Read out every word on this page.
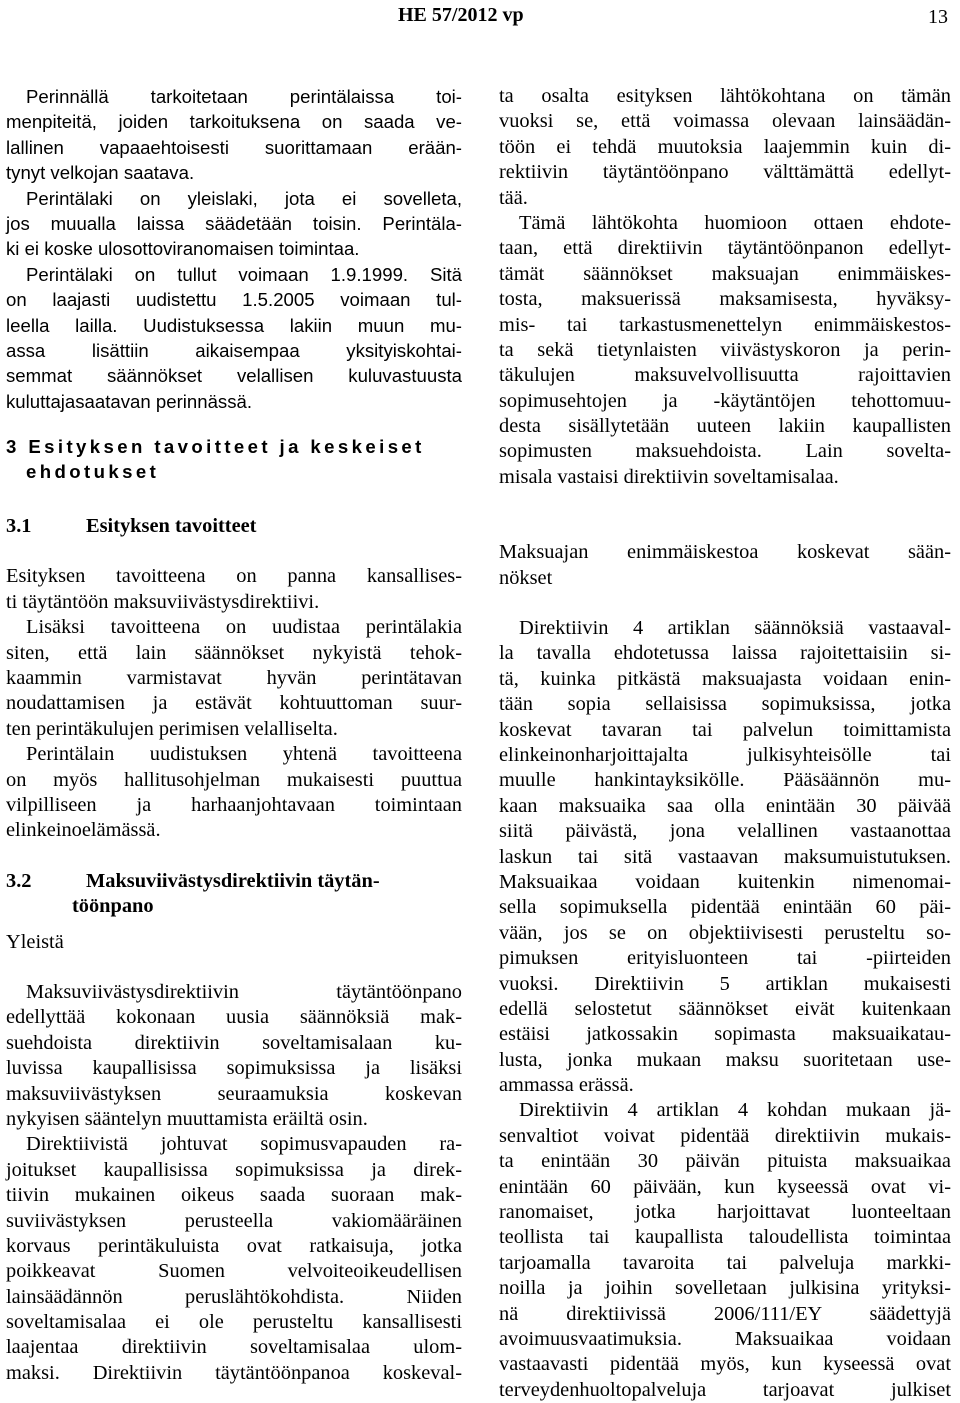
HE 57/2012 vp	13
Perinnällä tarkoitetaan perintälaissa toi-
menpiteitä, joiden tarkoituksena on saada ve-
lallinen vapaaehtoisesti suorittamaan erään-
tynyt velkojan saatava.
Perintälaki on yleislaki, jota ei sovelleta,
jos muualla laissa säädetään toisin. Perintäla-
ki ei koske ulosottoviranomaisen toimintaa.
Perintälaki on tullut voimaan 1.9.1999. Sitä
on laajasti uudistettu 1.5.2005 voimaan tul-
leella lailla. Uudistuksessa lakiin muun mu-
assa lisättiin aikaisempaa yksityiskohtai-
semmat säännökset velallisen kuluvastuusta
kuluttajasaatavan perinnässä.
3 Esityksen tavoitteet ja keskeiset
ehdotukset
3.1	Esityksen tavoitteet
Esityksen tavoitteena on panna kansallises-
ti täytäntöön maksuviivästysdirektiivi.
Lisäksi tavoitteena on uudistaa perintälakia
siten, että lain säännökset nykyistä tehok-
kaammin varmistavat hyvän perintätavan
noudattamisen ja estävät kohtuuttoman suur-
ten perintäkulujen perimisen velalliselta.
Perintälain uudistuksen yhtenä tavoitteena
on myös hallitusohjelman mukaisesti puuttua
vilpilliseen ja harhaanjohtavaan toimintaan
elinkeinoelämässä.
3.2	Maksuviivästysdirektiivin täytän-
töönpano
Yleistä
Maksuviivästysdirektiivin täytäntöönpano
edellyttää kokonaan uusia säännöksiä mak-
suehdoista direktiivin soveltamisalaan ku-
luvissa kaupallisissa sopimuksissa ja lisäksi
maksuviivästyksen seuraamuksia koskevan
nykyisen sääntelyn muuttamista eräiltä osin.
Direktiivistä johtuvat sopimusvapauden ra-
joitukset kaupallisissa sopimuksissa ja direk-
tiivin mukainen oikeus saada suoraan mak-
suviivästyksen perusteella vakiomääräinen
korvaus perintäkuluista ovat ratkaisuja, jotka
poikkeavat Suomen velvoiteoikeudellisen
lainsäädännön peruslähtökohdista. Niiden
soveltamisalaa ei ole perusteltu kansallisesti
laajentaa direktiivin soveltamisalaa ulom-
maksi. Direktiivin täytäntöönpanoa koskeval-
ta osalta esityksen lähtökohtana on tämän
vuoksi se, että voimassa olevaan lainsäädän-
töön ei tehdä muutoksia laajemmin kuin di-
rektiivin täytäntöönpano välttämättä edellyt-
tää.
Tämä lähtökohta huomioon ottaen ehdote-
taan, että direktiivin täytäntöönpanon edellyt-
tämät säännökset maksuajan enimmäiskes-
tosta, maksuerissä maksamisesta, hyväksy-
mis- tai tarkastusmenettelyn enimmäiskestos-
ta sekä tietynlaisten viivästyskoron ja perin-
täkulujen maksuvelvollisuutta rajoittavien
sopimusehtojen ja -käytäntöjen tehottomuu-
desta sisällytetään uuteen lakiin kaupallisten
sopimusten maksuehdoista. Lain sovelta-
misala vastaisi direktiivin soveltamisalaa.
Maksuajan enimmäiskestoa koskevat sään-
nökset
Direktiivin 4 artiklan säännöksiä vastaaval-
la tavalla ehdotetussa laissa rajoitettaisiin si-
tä, kuinka pitkästä maksuajasta voidaan enin-
tään sopia sellaisissa sopimuksissa, jotka
koskevat tavaran tai palvelun toimittamista
elinkeinonharjoittajalta julkisyhteisölle tai
muulle hankintayksikölle. Pääsäännön mu-
kaan maksuaika saa olla enintään 30 päivää
siitä päivästä, jona velallinen vastaanottaa
laskun tai sitä vastaavan maksumuistutuksen.
Maksuaikaa voidaan kuitenkin nimenomai-
sella sopimuksella pidentää enintään 60 päi-
vään, jos se on objektiivisesti perusteltu so-
pimuksen erityisluonteen tai -piirteiden
vuoksi. Direktiivin 5 artiklan mukaisesti
edellä selostetut säännökset eivät kuitenkaan
estäisi jatkossakin sopimasta maksuaikatau-
lusta, jonka mukaan maksu suoritetaan use-
ammassa erässä.
Direktiivin 4 artiklan 4 kohdan mukaan jä-
senvaltiot voivat pidentää direktiivin mukais-
ta enintään 30 päivän pituista maksuaikaa
enintään 60 päivään, kun kyseessä ovat vi-
ranomaiset, jotka harjoittavat luonteeltaan
teollista tai kaupallista taloudellista toimintaa
tarjoamalla tavaroita tai palveluja markki-
noilla ja joihin sovelletaan julkisina yrityksi-
nä direktiivissä 2006/111/EY säädettyjä
avoimuusvaatimuksia. Maksuaikaa voidaan
vastaavasti pidentää myös, kun kyseessä ovat
terveydenhuoltopalveluja tarjoavat julkiset
